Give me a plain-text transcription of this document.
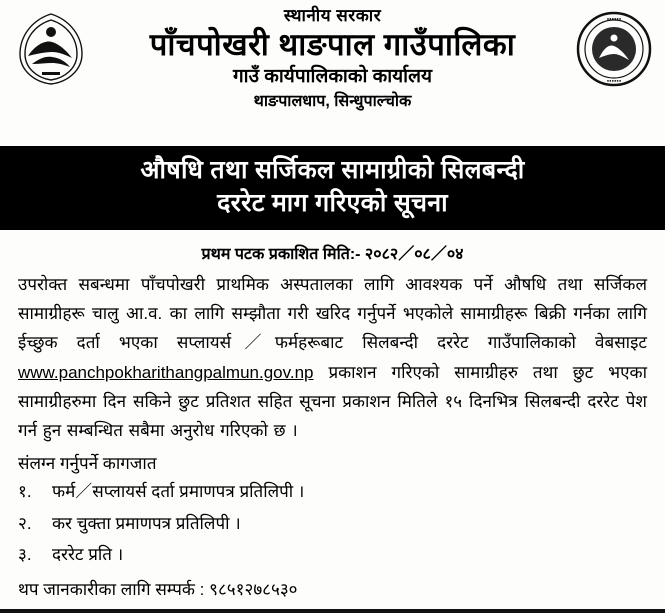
●●●●●●
●●●●●●
स्थानीय सरकार
पाँचपोखरी थाङपाल गाउँपालिका
गाउँ कार्यपालिकाको कार्यालय
थाङपालधाप, सिन्धुपाल्चोक
औषधि तथा सर्जिकल सामाग्रीको सिलबन्दी
दररेट माग गरिएको सूचना
प्रथम पटक प्रकाशित मिति:- २०८२／०८／०४
उपरोक्त सबन्धमा पाँचपोखरी प्राथमिक अस्पतालका लागि आवश्यक पर्ने औषधि तथा सर्जिकल सामाग्रीहरू चालु आ.व. का लागि सम्झौता गरी खरिद गर्नुपर्ने भएकोले सामाग्रीहरू बिक्री गर्नका लागि ईच्छुक दर्ता भएका सप्लायर्स／फर्महरूबाट सिलबन्दी दररेट गाउँपालिकाको वेबसाइट www.panchpokharithangpalmun.gov.np प्रकाशन गरिएको सामाग्रीहरु तथा छुट भएका सामाग्रीहरुमा दिन सकिने छुट प्रतिशत सहित सूचना प्रकाशन मितिले १५ दिनभित्र सिलबन्दी दररेट पेश गर्न हुन सम्बन्धित सबैमा अनुरोध गरिएको छ ।
संलग्न गर्नुपर्ने कागजात
१.	फर्म／सप्लायर्स दर्ता प्रमाणपत्र प्रतिलिपी ।
२.	कर चुक्ता प्रमाणपत्र प्रतिलिपी ।
३.	दररेट प्रति ।
थप जानकारीका लागि सम्पर्क : ९८५१२७८५३०
